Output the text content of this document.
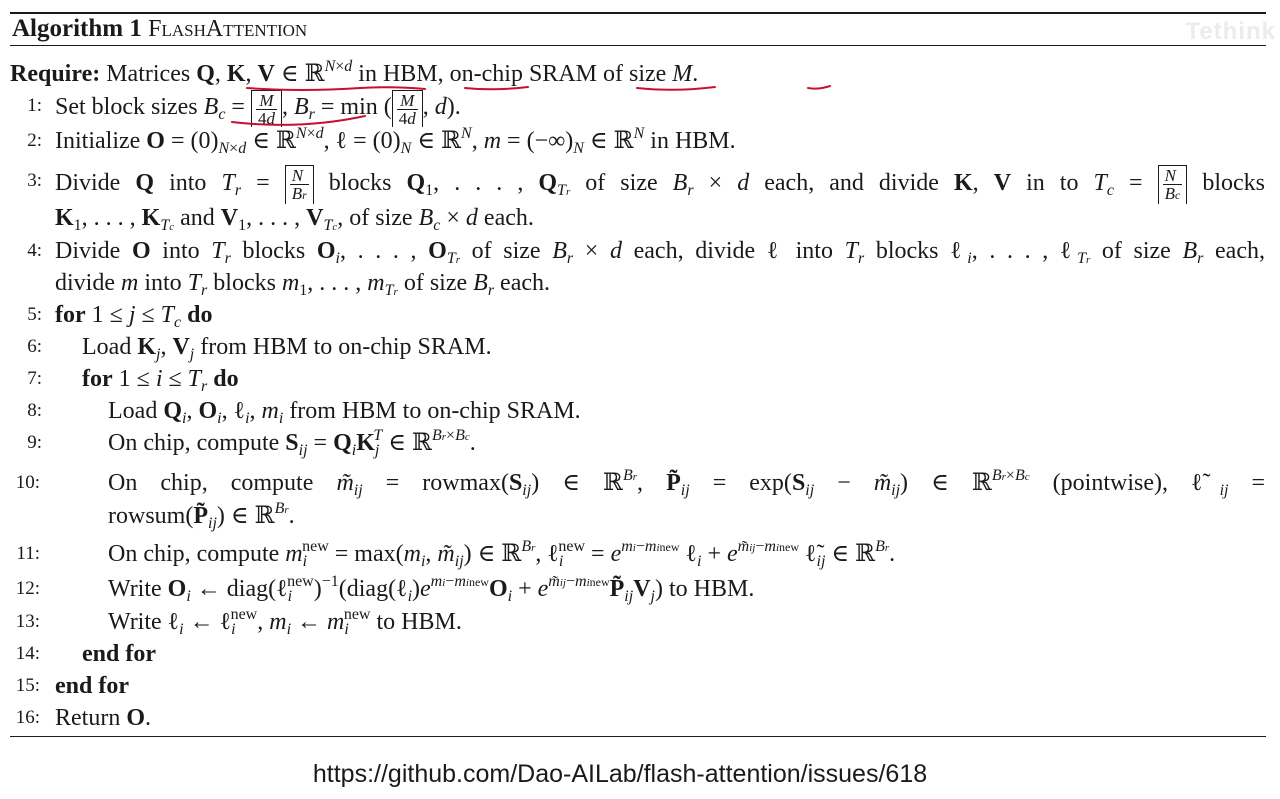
Algorithm 1 FlashAttention	Tethink
Require: Matrices Q, K, V ∈ ℝ$^{N\times d}$ in HBM, on-chip SRAM of size M.
1: Set block sizes $B_c = \frac{M}{4d}$ , $B_r = \min$ ( $\frac{M}{4d}$ , d).
2: Initialize $O = (0)_{N\times d}$ ∈ ℝ$^{N\times d}$, ℓ = $(0)_N$ ∈ ℝ$^N$, $m = (-\infty)_N$ ∈ ℝ$^N$ in HBM.
3: Divide Q into $T_r = \frac{N}{Br}$ blocks $Q_1$, . . . , $Q_{Tr}$ of size $B_r \times d$ each, and divide K, V in to $T_c = \frac{N}{Bc}$ blocks
$K_1$, . . . , $K_{Tc}$ and $V_1$, . . . , $V_{Tc}$, of size $B_c \times d$ each.
4: Divide O into $T_r$ blocks $O_i$, . . . , $O_{Tr}$ of size $B_r \times d$ each, divide ℓ into $T_r$ blocks ℓ$_i$, . . . , ℓ$_{Tr}$ of size $B_r$ each,
divide m into $T_r$ blocks $m_1$, . . . , $m_{Tr}$ of size $B_r$ each.
5: for $1 \le j \le T_c$ do
6: Load $K_j$, $V_j$ from HBM to on-chip SRAM.
7: for $1 \le i \le T_r$ do
8:	Load $Q_i$, $O_i$, ℓ$_i$, $m_i$ from HBM to on-chip SRAM.
9:	On chip, compute $S_{ij} = Q_iK_j^T$ ∈ ℝ$^{Br\times Bc}$.
10:	On chip, compute $m̃_{ij} = rowmax(S_{ij})$ ∈ ℝ$^{Br}$, $P̃_{ij} = \exp(S_{ij}$ − $m̃_{ij}$) ∈ ℝ$^{Br\times Bc}$ (pointwise), $\ell̃_{ij}$ =
$rowsum(P̃_{ij})$ ∈ ℝ$^{Br}$.
11:	On chip, compute $m_i^{new} = \max(m_i$, $m̃_{ij}$) ∈ ℝ$^{Br}$, ℓ$_i^{new}$ = $e^{mi-minew}$ ℓ$_i$ + $e^{m̃ij-minew}$ $\ell̃_{ij}$ ∈ ℝ$^{Br}$.
12:	Write $O_i$ ← $diag(\ell_i^{new})^{-1}(diag(\ell_i)e^{mi-minew}O_i$ + $e^{m̃ij-minew}P̃_{ij}V_j$) to HBM.
13:	Write ℓ$_i$ ← ℓ$_i^{new}$, $m_i$ ← $m_i^{new}$ to HBM.
14: end for
15: end for
16: Return O.
https://github.com/Dao-AILab/flash-attention/issues/618
